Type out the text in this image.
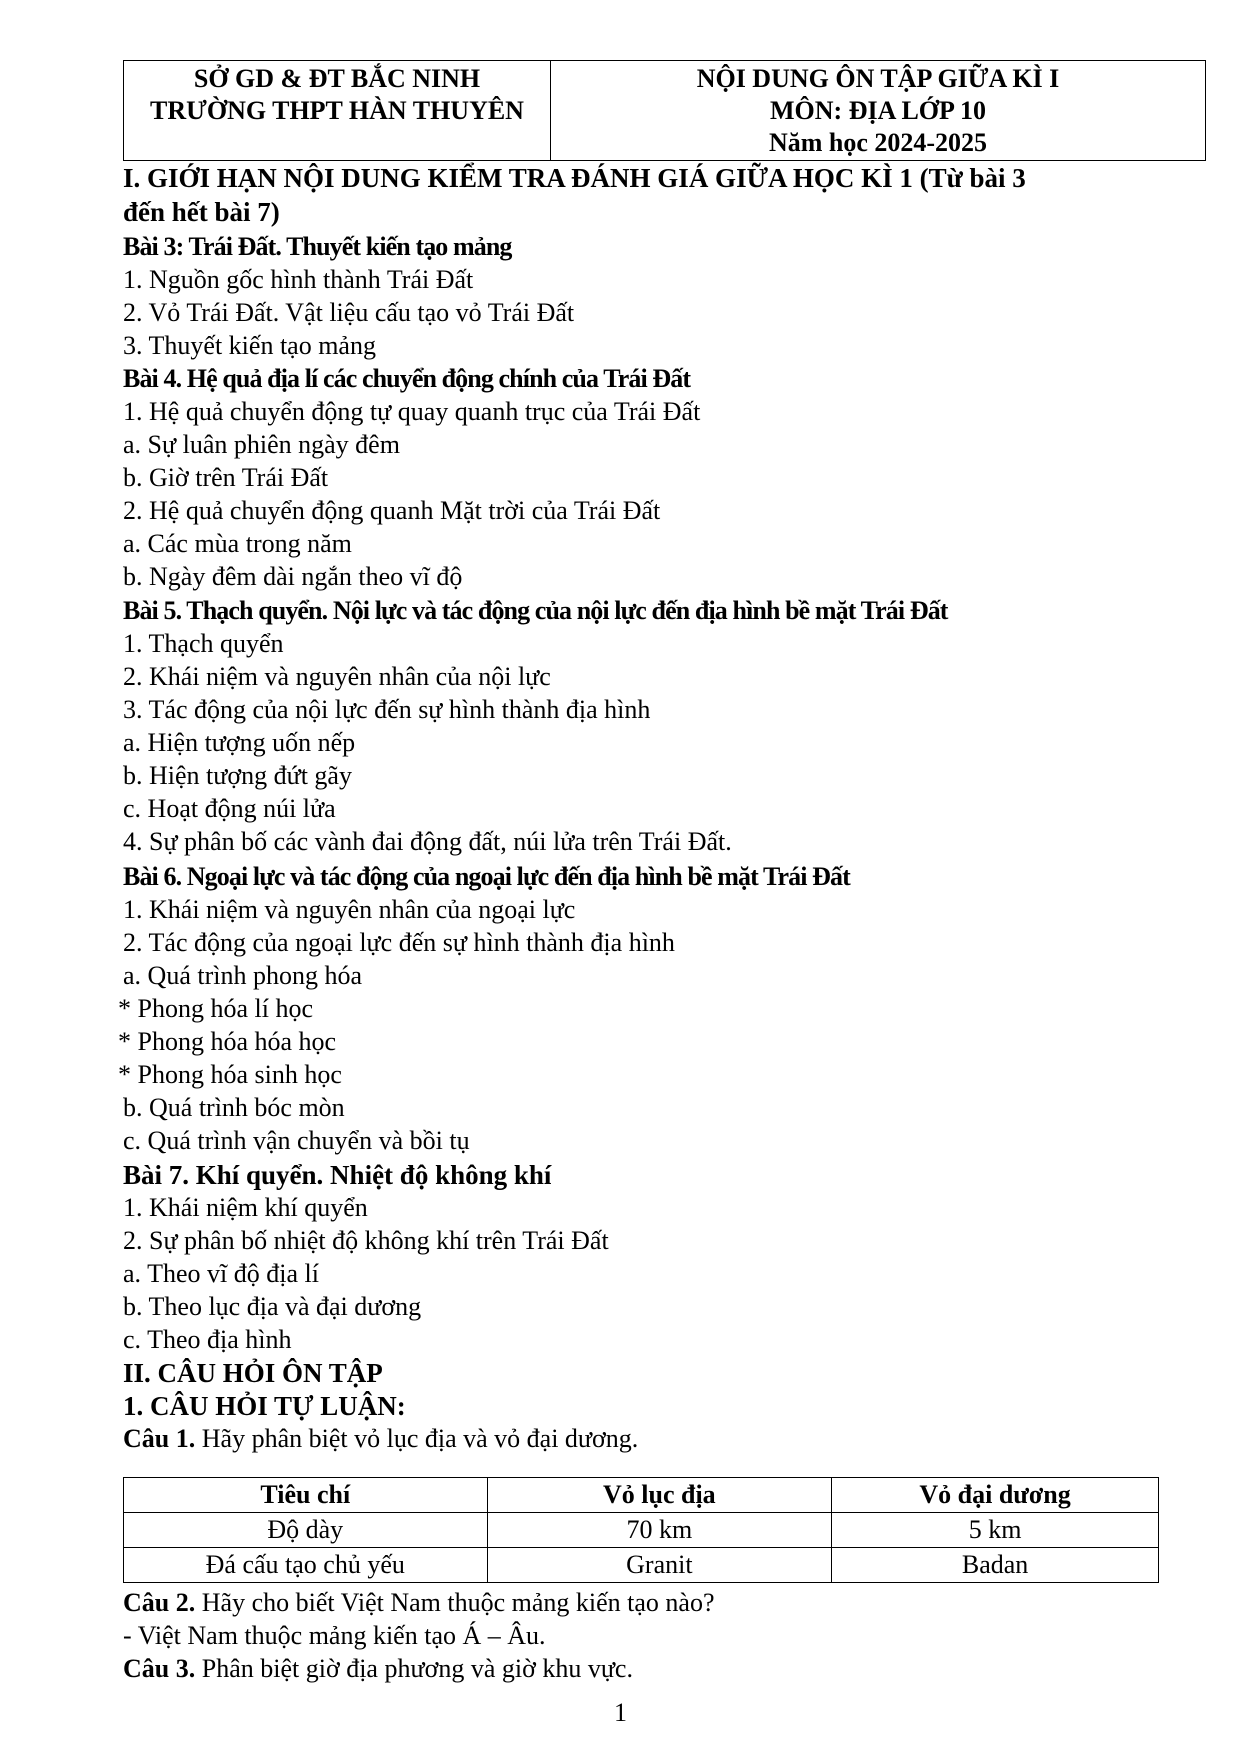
SỞ GD & ĐT BẮC NINH
TRƯỜNG THPT HÀN THUYÊN
NỘI DUNG ÔN TẬP GIỮA KÌ I
MÔN: ĐỊA LỚP 10
Năm học 2024-2025
I. GIỚI HẠN NỘI DUNG KIỂM TRA ĐÁNH GIÁ GIỮA HỌC KÌ 1 (Từ bài 3
đến hết bài 7)
Bài 3: Trái Đất. Thuyết kiến tạo mảng
1. Nguồn gốc hình thành Trái Đất
2. Vỏ Trái Đất. Vật liệu cấu tạo vỏ Trái Đất
3. Thuyết kiến tạo mảng
Bài 4. Hệ quả địa lí các chuyển động chính của Trái Đất
1. Hệ quả chuyển động tự quay quanh trục của Trái Đất
a. Sự luân phiên ngày đêm
b. Giờ trên Trái Đất
2. Hệ quả chuyển động quanh Mặt trời của Trái Đất
a. Các mùa trong năm
b. Ngày đêm dài ngắn theo vĩ độ
Bài 5. Thạch quyển. Nội lực và tác động của nội lực đến địa hình bề mặt Trái Đất
1. Thạch quyển
2. Khái niệm và nguyên nhân của nội lực
3. Tác động của nội lực đến sự hình thành địa hình
a. Hiện tượng uốn nếp
b. Hiện tượng đứt gãy
c. Hoạt động núi lửa
4. Sự phân bố các vành đai động đất, núi lửa trên Trái Đất.
Bài 6. Ngoại lực và tác động của ngoại lực đến địa hình bề mặt Trái Đất
1. Khái niệm và nguyên nhân của ngoại lực
2. Tác động của ngoại lực đến sự hình thành địa hình
a. Quá trình phong hóa
* Phong hóa lí học
* Phong hóa hóa học
* Phong hóa sinh học
b. Quá trình bóc mòn
c. Quá trình vận chuyển và bồi tụ
Bài 7. Khí quyển. Nhiệt độ không khí
1. Khái niệm khí quyển
2. Sự phân bố nhiệt độ không khí trên Trái Đất
a. Theo vĩ độ địa lí
b. Theo lục địa và đại dương
c. Theo địa hình
II. CÂU HỎI ÔN TẬP
1. CÂU HỎI TỰ LUẬN:
Câu 1. Hãy phân biệt vỏ lục địa và vỏ đại dương.
Tiêu chí	Vỏ lục địa	Vỏ đại dương
Độ dày	70 km	5 km
Đá cấu tạo chủ yếu	Granit	Badan
Câu 2. Hãy cho biết Việt Nam thuộc mảng kiến tạo nào?
- Việt Nam thuộc mảng kiến tạo Á – Âu.
Câu 3. Phân biệt giờ địa phương và giờ khu vực.
1
